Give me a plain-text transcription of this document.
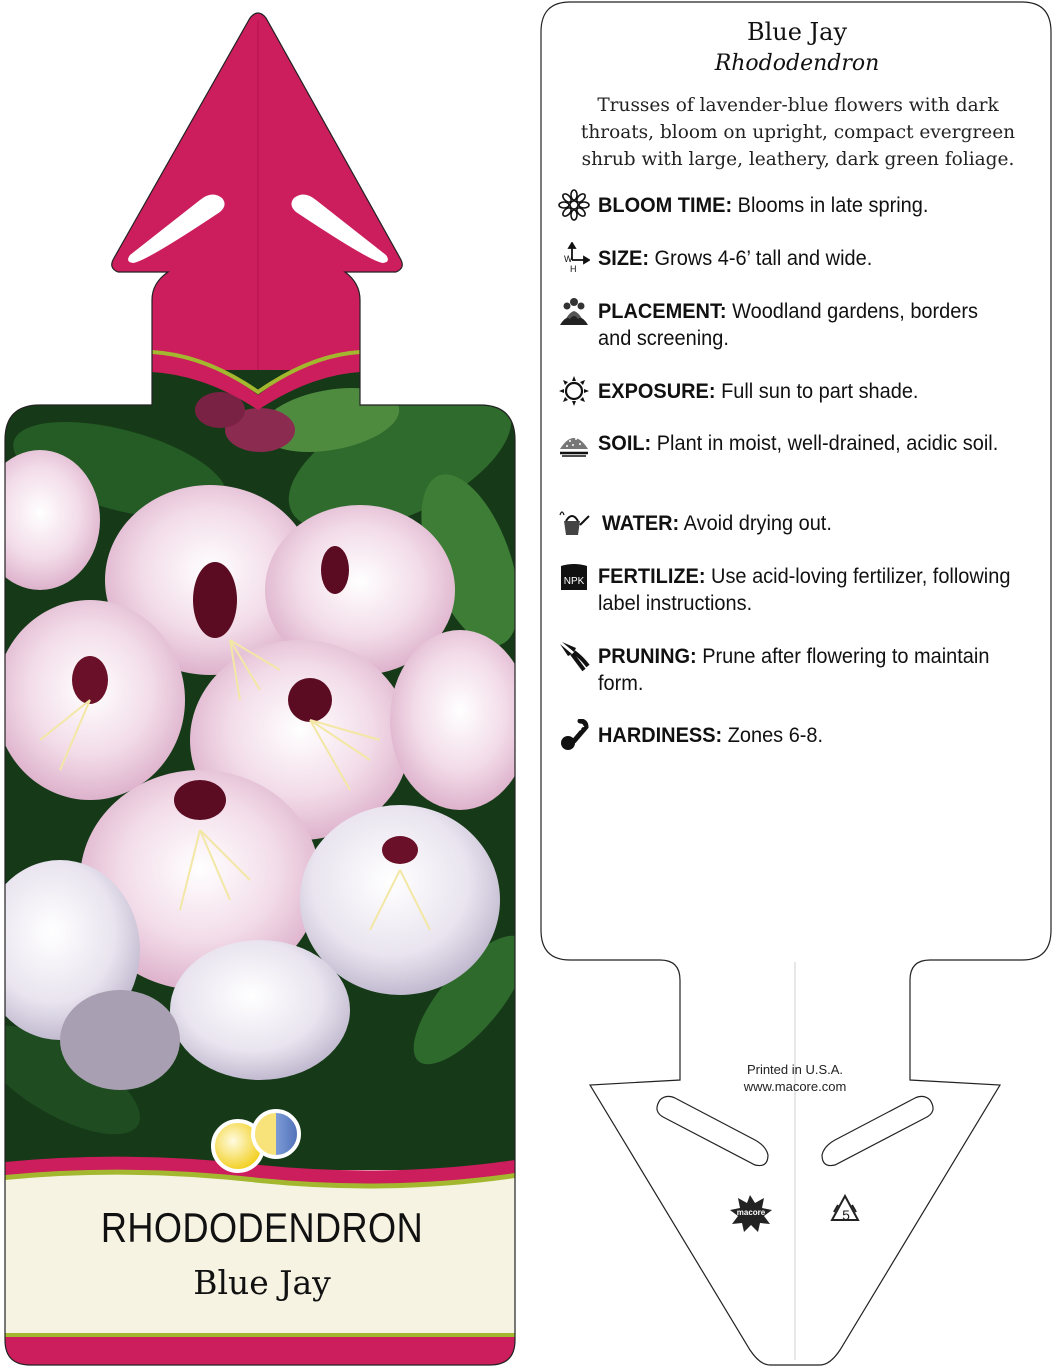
macore	5
RHODODENDRON
Blue Jay
Blue Jay
Rhododendron
Trusses of lavender-blue flowers with dark throats, bloom on upright, compact evergreen shrub with large, leathery, dark green foliage.
BLOOM TIME: Blooms in late spring.
W
H SIZE: Grows 4-6’ tall and wide.
PLACEMENT: Woodland gardens, borders and screening.
EXPOSURE: Full sun to part shade.
SOIL: Plant in moist, well-drained, acidic soil.
WATER: Avoid drying out.
NPK FERTILIZE: Use acid-loving fertilizer, following label instructions.
PRUNING: Prune after flowering to maintain form.
HARDINESS: Zones 6-8.
Printed in U.S.A.
www.macore.com
